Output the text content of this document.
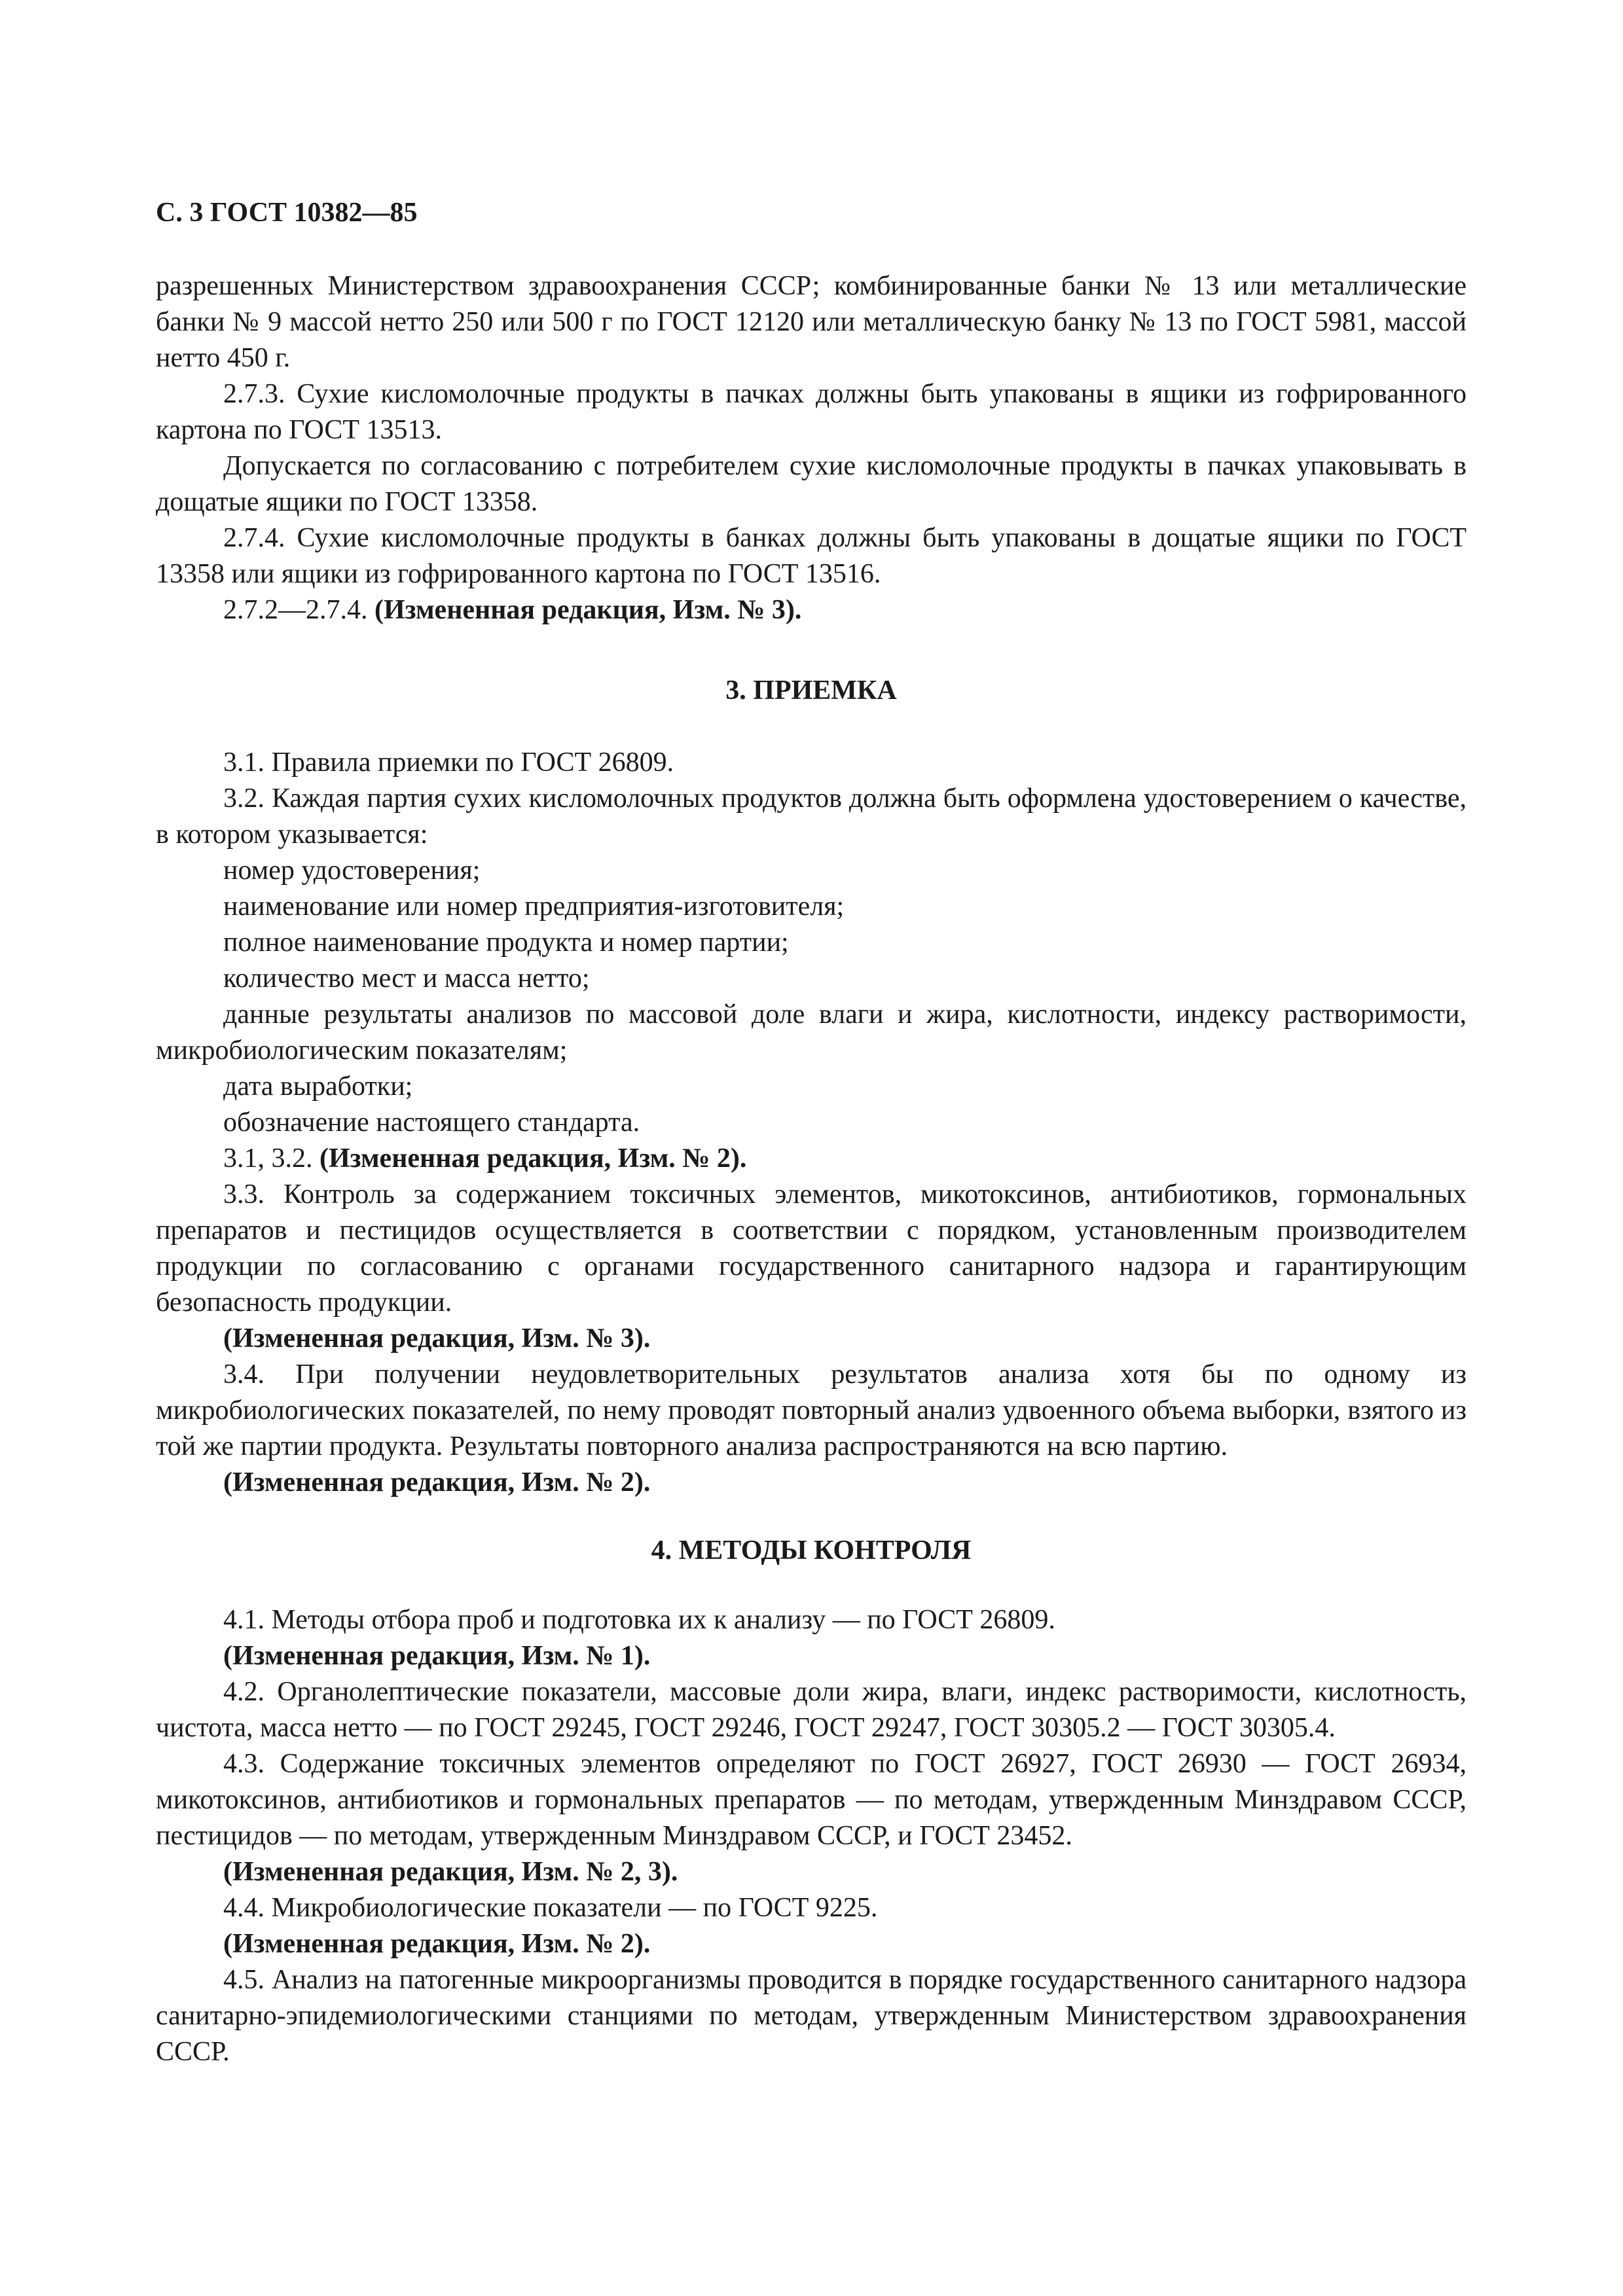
С. 3 ГОСТ 10382—85

разрешенных Министерством здравоохранения СССР; комбинированные банки № 13 или металлические банки № 9 массой нетто 250 или 500 г по ГОСТ 12120 или металлическую банку № 13 по ГОСТ 5981, массой нетто 450 г.

2.7.3. Сухие кисломолочные продукты в пачках должны быть упакованы в ящики из гофрированного картона по ГОСТ 13513.

Допускается по согласованию с потребителем сухие кисломолочные продукты в пачках упаковывать в дощатые ящики по ГОСТ 13358.

2.7.4. Сухие кисломолочные продукты в банках должны быть упакованы в дощатые ящики по ГОСТ 13358 или ящики из гофрированного картона по ГОСТ 13516.

2.7.2—2.7.4. (Измененная редакция, Изм. № 3).

3. ПРИЕМКА

3.1. Правила приемки по ГОСТ 26809.

3.2. Каждая партия сухих кисломолочных продуктов должна быть оформлена удостоверением о качестве, в котором указывается:

номер удостоверения;

наименование или номер предприятия-изготовителя;

полное наименование продукта и номер партии;

количество мест и масса нетто;

данные результаты анализов по массовой доле влаги и жира, кислотности, индексу растворимости, микробиологическим показателям;

дата выработки;

обозначение настоящего стандарта.

3.1, 3.2. (Измененная редакция, Изм. № 2).

3.3. Контроль за содержанием токсичных элементов, микотоксинов, антибиотиков, гормональных препаратов и пестицидов осуществляется в соответствии с порядком, установленным производителем продукции по согласованию с органами государственного санитарного надзора и гарантирующим безопасность продукции.

(Измененная редакция, Изм. № 3).

3.4. При получении неудовлетворительных результатов анализа хотя бы по одному из микробиологических показателей, по нему проводят повторный анализ удвоенного объема выборки, взятого из той же партии продукта. Результаты повторного анализа распространяются на всю партию.

(Измененная редакция, Изм. № 2).

4. МЕТОДЫ КОНТРОЛЯ

4.1. Методы отбора проб и подготовка их к анализу — по ГОСТ 26809.

(Измененная редакция, Изм. № 1).

4.2. Органолептические показатели, массовые доли жира, влаги, индекс растворимости, кислотность, чистота, масса нетто — по ГОСТ 29245, ГОСТ 29246, ГОСТ 29247, ГОСТ 30305.2 — ГОСТ 30305.4.

4.3. Содержание токсичных элементов определяют по ГОСТ 26927, ГОСТ 26930 — ГОСТ 26934, микотоксинов, антибиотиков и гормональных препаратов — по методам, утвержденным Минздравом СССР, пестицидов — по методам, утвержденным Минздравом СССР, и ГОСТ 23452.

(Измененная редакция, Изм. № 2, 3).

4.4. Микробиологические показатели — по ГОСТ 9225.

(Измененная редакция, Изм. № 2).

4.5. Анализ на патогенные микроорганизмы проводится в порядке государственного санитарного надзора санитарно-эпидемиологическими станциями по методам, утвержденным Министерством здравоохранения СССР.
